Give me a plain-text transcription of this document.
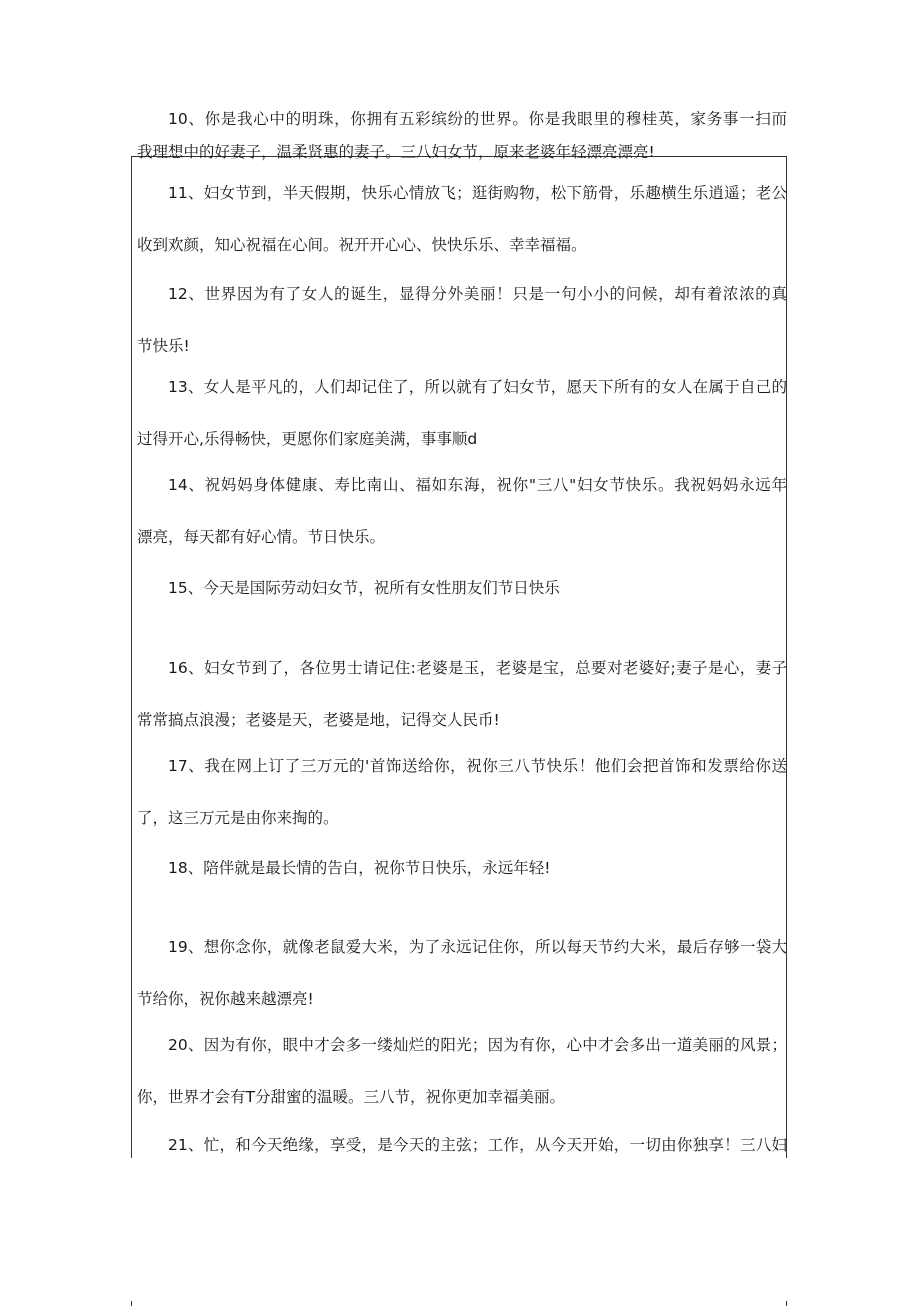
10、你是我心中的明珠，你拥有五彩缤纷的世界。你是我眼里的穆桂英，家务事一扫而
我理想中的好妻子，温柔贤惠的妻子。三八妇女节，原来老婆年轻漂亮漂亮!
11、妇女节到，半天假期，快乐心情放飞；逛街购物，松下筋骨，乐趣横生乐逍遥；老公
收到欢颜，知心祝福在心间。祝开开心心、快快乐乐、幸幸福福。
12、世界因为有了女人的诞生，显得分外美丽！只是一句小小的问候，却有着浓浓的真
节快乐!
13、女人是平凡的，人们却记住了，所以就有了妇女节，愿天下所有的女人在属于自己的
过得开心,乐得畅快，更愿你们家庭美满，事事顺d
14、祝妈妈身体健康、寿比南山、福如东海，祝你"三八"妇女节快乐。我祝妈妈永远年
漂亮，每天都有好心情。节日快乐。
15、今天是国际劳动妇女节，祝所有女性朋友们节日快乐
16、妇女节到了，各位男士请记住:老婆是玉，老婆是宝，总要对老婆好;妻子是心，妻子
常常搞点浪漫；老婆是天，老婆是地，记得交人民币!
17、我在网上订了三万元的'首饰送给你，祝你三八节快乐！他们会把首饰和发票给你送
了，这三万元是由你来掏的。
18、陪伴就是最长情的告白，祝你节日快乐，永远年轻!
19、想你念你，就像老鼠爱大米，为了永远记住你，所以每天节约大米，最后存够一袋大
节给你，祝你越来越漂亮!
20、因为有你，眼中才会多一缕灿烂的阳光；因为有你，心中才会多出一道美丽的风景；
你，世界才会有T分甜蜜的温暖。三八节，祝你更加幸福美丽。
21、忙，和今天绝缘，享受，是今天的主弦；工作，从今天开始，一切由你独享！三八妇
